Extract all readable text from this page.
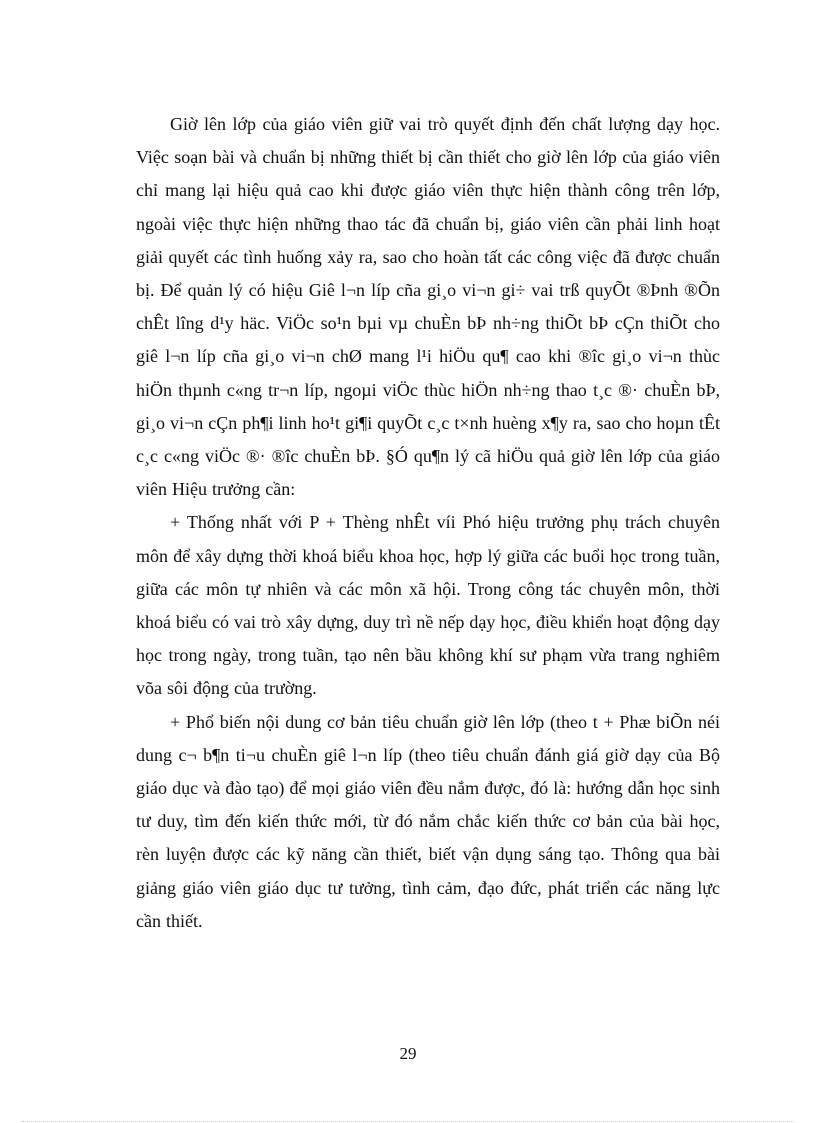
Giờ lên lớp của giáo viên giữ vai trò quyết định đến chất lượng dạy học. Việc soạn bài và chuẩn bị những thiết bị cần thiết cho giờ lên lớp của giáo viên chỉ mang lại hiệu quả cao khi được giáo viên thực hiện thành công trên lớp, ngoài việc thực hiện những thao tác đã chuẩn bị, giáo viên cần phải linh hoạt giải quyết các tình huống xảy ra, sao cho hoàn tất các công việc đã được chuẩn bị. Để quản lý có hiệu Giê l¬n líp cña gi¸o vi¬n gi÷ vai trß quyÕt ®Þnh ®Õn chÊt lîng d¹y häc. ViÖc so¹n bµi vµ chuÈn bÞ nh÷ng thiÕt bÞ cÇn thiÕt cho giê l¬n líp cña gi¸o vi¬n chØ mang l¹i hiÖu qu¶ cao khi ®îc gi¸o vi¬n thùc hiÖn thµnh c«ng tr¬n líp, ngoµi viÖc thùc hiÖn nh÷ng thao t¸c ®· chuÈn bÞ, gi¸o vi¬n cÇn ph¶i linh ho¹t gi¶i quyÕt c¸c t×nh huèng x¶y ra, sao cho hoµn tÊt c¸c c«ng viÖc ®· ®îc chuÈn bÞ. §Ó qu¶n lý cã hiÖu quả giờ lên lớp của giáo viên Hiệu trưởng cần:

+ Thống nhất với P + Thèng nhÊt víi Phó hiệu trưởng phụ trách chuyên môn để xây dựng thời khoá biểu khoa học, hợp lý giữa các buổi học trong tuần, giữa các môn tự nhiên và các môn xã hội. Trong công tác chuyên môn, thời khoá biểu có vai trò xây dựng, duy trì nề nếp dạy học, điều khiển hoạt động dạy học trong ngày, trong tuần, tạo nên bầu không khí sư phạm vừa trang nghiêm võa sôi động của trường.

+ Phổ biến nội dung cơ bản tiêu chuẩn giờ lên lớp (theo t + Phæ biÕn néi dung c¬ b¶n ti¬u chuÈn giê l¬n líp (theo tiêu chuẩn đánh giá giờ dạy của Bộ giáo dục và đào tạo) để mọi giáo viên đều nắm được, đó là: hướng dẫn học sinh tư duy, tìm đến kiến thức mới, từ đó nắm chắc kiến thức cơ bản của bài học, rèn luyện được các kỹ năng cần thiết, biết vận dụng sáng tạo. Thông qua bài giảng giáo viên giáo dục tư tưởng, tình cảm, đạo đức, phát triển các năng lực cần thiết.

29
